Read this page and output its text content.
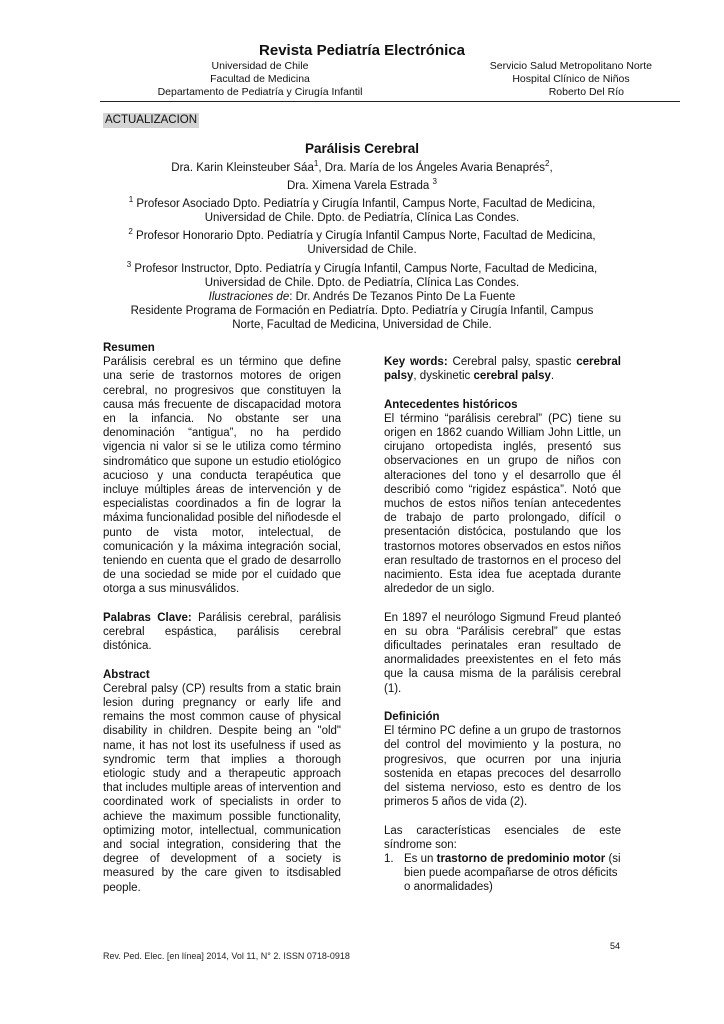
Revista Pediatría Electrónica
Universidad de Chile
Facultad de Medicina
Departamento de Pediatría y Cirugía Infantil
Servicio Salud Metropolitano Norte
Hospital Clínico de Niños
Roberto Del Río
ACTUALIZACION
Parálisis Cerebral
Dra. Karin Kleinsteuber Sáa$^1$, Dra. María de los Ángeles Avaria Benaprés$^2$,
Dra. Ximena Varela Estrada $^3$
$^1$ Profesor Asociado Dpto. Pediatría y Cirugía Infantil, Campus Norte, Facultad de Medicina,
Universidad de Chile. Dpto. de Pediatría, Clínica Las Condes.
$^2$ Profesor Honorario Dpto. Pediatría y Cirugía Infantil Campus Norte, Facultad de Medicina,
Universidad de Chile.
$^3$ Profesor Instructor, Dpto. Pediatría y Cirugía Infantil, Campus Norte, Facultad de Medicina,
Universidad de Chile. Dpto. de Pediatría, Clínica Las Condes.
Ilustraciones de: Dr. Andrés De Tezanos Pinto De La Fuente
Residente Programa de Formación en Pediatría. Dpto. Pediatría y Cirugía Infantil, Campus
Norte, Facultad de Medicina, Universidad de Chile.
Resumen

Parálisis cerebral es un término que define una serie de trastornos motores de origen cerebral, no progresivos que constituyen la causa más frecuente de discapacidad motora en la infancia. No obstante ser una denominación “antigua”, no ha perdido vigencia ni valor si se le utiliza como término sindromático que supone un estudio etiológico acucioso y una conducta terapéutica que incluye múltiples áreas de intervención y de especialistas coordinados a fin de lograr la máxima funcionalidad posible del niñodesde el punto de vista motor, intelectual, de comunicación y la máxima integración social, teniendo en cuenta que el grado de desarrollo de una sociedad se mide por el cuidado que otorga a sus minusválidos.

Palabras Clave: Parálisis cerebral, parálisis cerebral espástica, parálisis cerebral distónica.

Abstract

Cerebral palsy (CP) results from a static brain lesion during pregnancy or early life and remains the most common cause of physical disability in children. Despite being an "old" name, it has not lost its usefulness if used as syndromic term that implies a thorough etiologic study and a therapeutic approach that includes multiple areas of intervention and coordinated work of specialists in order to achieve the maximum possible functionality, optimizing motor, intellectual, communication and social integration, considering that the degree of development of a society is measured by the care given to itsdisabled people.

Key words: Cerebral palsy, spastic cerebral palsy, dyskinetic cerebral palsy.

Antecedentes históricos

El término “parálisis cerebral” (PC) tiene su origen en 1862 cuando William John Little, un cirujano ortopedista inglés, presentó sus observaciones en un grupo de niños con alteraciones del tono y el desarrollo que él describió como “rigidez espástica”. Notó que muchos de estos niños tenían antecedentes de trabajo de parto prolongado, difícil o presentación distócica, postulando que los trastornos motores observados en estos niños eran resultado de trastornos en el proceso del nacimiento. Esta idea fue aceptada durante alrededor de un siglo.

En 1897 el neurólogo Sigmund Freud planteó en su obra “Parálisis cerebral” que estas dificultades perinatales eran resultado de anormalidades preexistentes en el feto más que la causa misma de la parálisis cerebral (1).

Definición

El término PC define a un grupo de trastornos del control del movimiento y la postura, no progresivos, que ocurren por una injuria sostenida en etapas precoces del desarrollo del sistema nervioso, esto es dentro de los primeros 5 años de vida (2).

Las características esenciales de este síndrome son:

1. Es un trastorno de predominio motor (si bien puede acompañarse de otros déficits o anormalidades)
54
Rev. Ped. Elec. [en línea] 2014, Vol 11, N° 2. ISSN 0718-0918
